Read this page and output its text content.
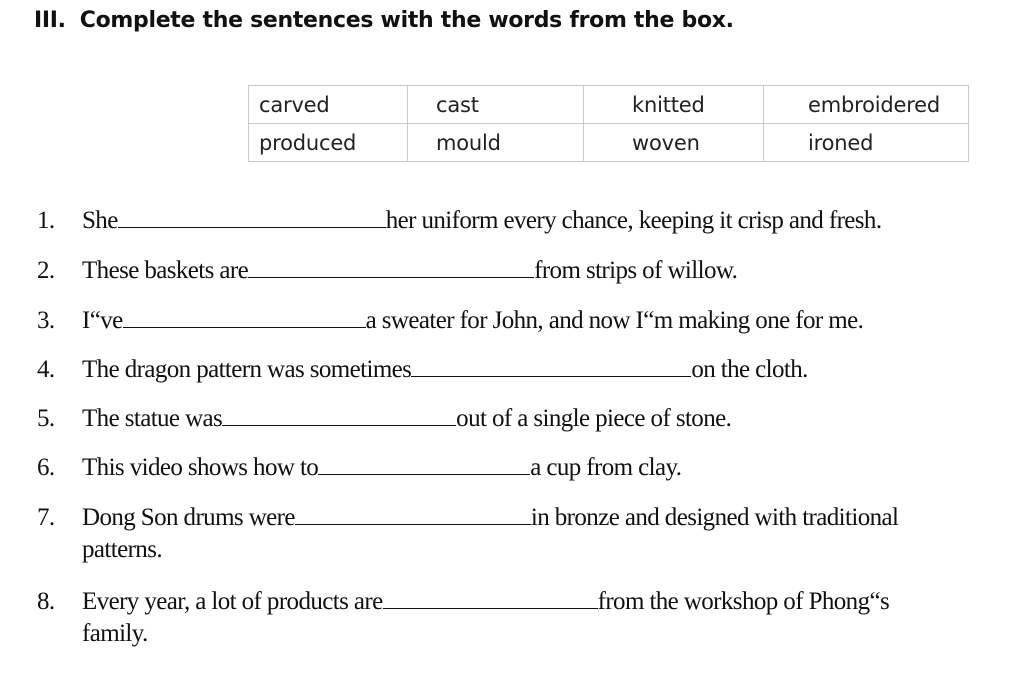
III. Complete the sentences with the words from the box.
carved	cast	knitted	embroidered
produced	mould	woven	ironed
1. She	her uniform every chance, keeping it crisp and fresh.
2. These baskets are	from strips of willow.
3. I“ve	a sweater for John, and now I“m making one for me.
4. The dragon pattern was sometimes	on the cloth.
5. The statue was	out of a single piece of stone.
6. This video shows how to	a cup from clay.
7. Dong Son drums were	in bronze and designed with traditional
patterns.
8. Every year, a lot of products are	from the workshop of Phong“s
family.
